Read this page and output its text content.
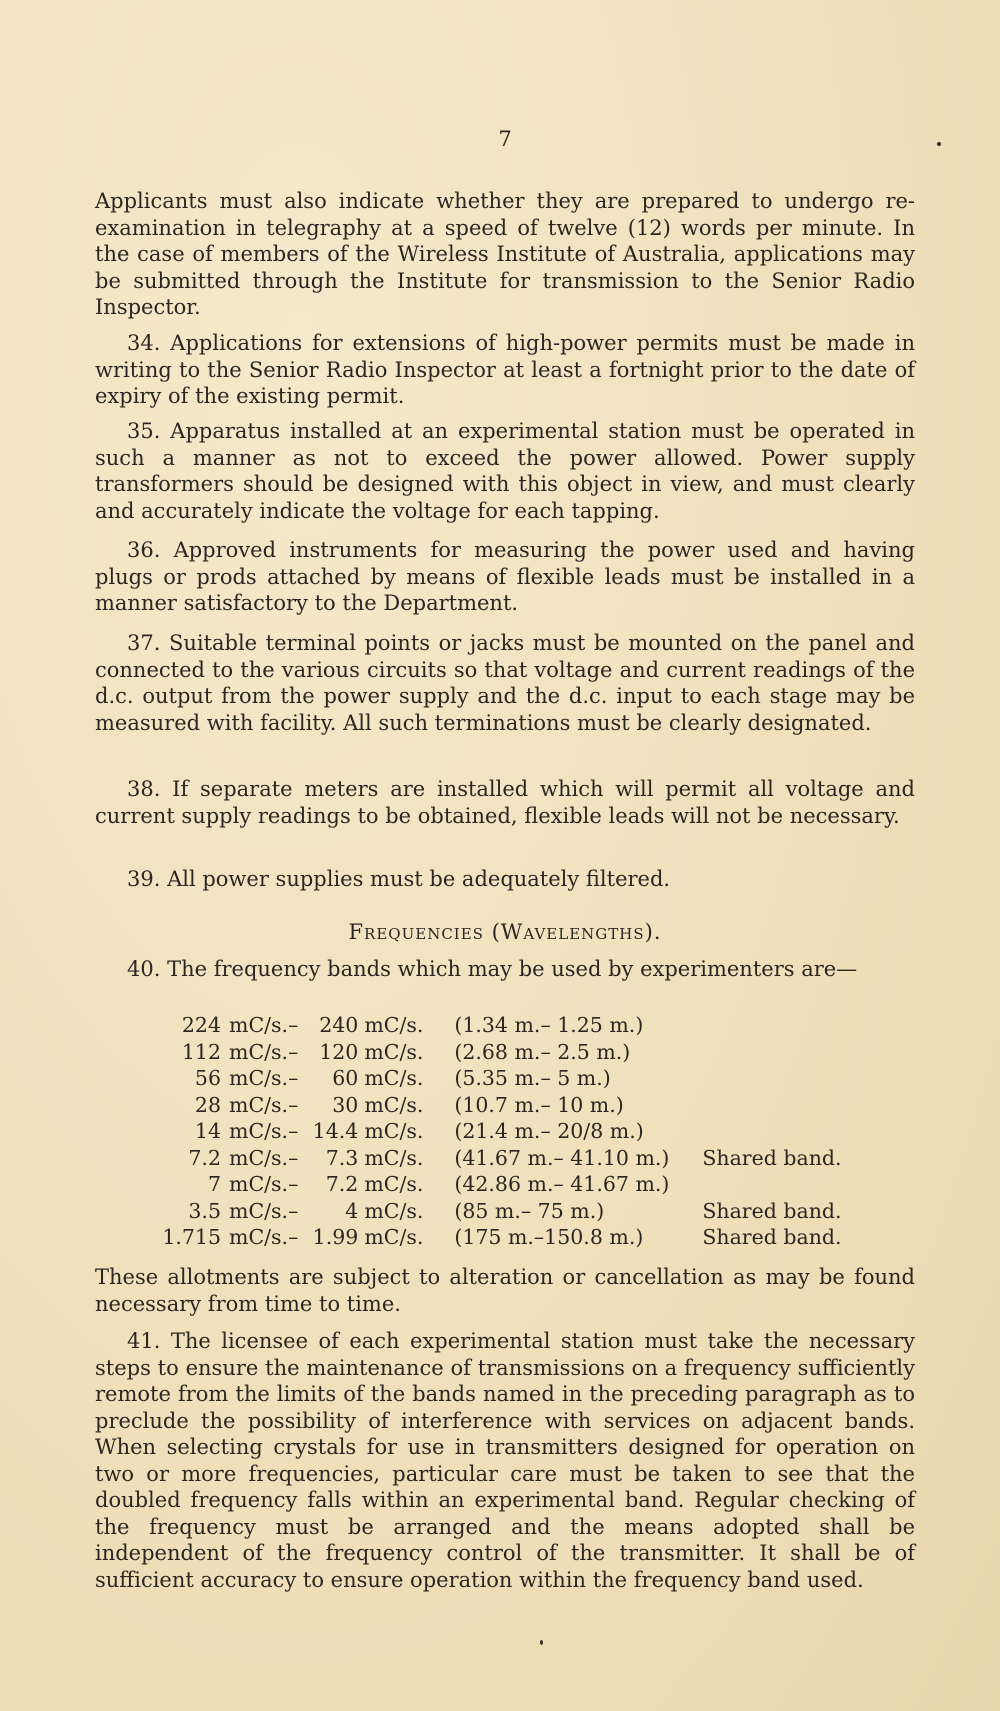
7

Applicants must also indicate whether they are prepared to undergo re-examination in telegraphy at a speed of twelve (12) words per minute. In the case of members of the Wireless Institute of Australia, applications may be submitted through the Institute for transmission to the Senior Radio Inspector.

34. Applications for extensions of high-power permits must be made in writing to the Senior Radio Inspector at least a fortnight prior to the date of expiry of the existing permit.

35. Apparatus installed at an experimental station must be operated in such a manner as not to exceed the power allowed. Power supply transformers should be designed with this object in view, and must clearly and accurately indicate the voltage for each tapping.

36. Approved instruments for measuring the power used and having plugs or prods attached by means of flexible leads must be installed in a manner satisfactory to the Department.

37. Suitable terminal points or jacks must be mounted on the panel and connected to the various circuits so that voltage and current readings of the d.c. output from the power supply and the d.c. input to each stage may be measured with facility. All such terminations must be clearly designated.

38. If separate meters are installed which will permit all voltage and current supply readings to be obtained, flexible leads will not be necessary.

39. All power supplies must be adequately filtered.

Frequencies (Wavelengths).

40. The frequency bands which may be used by experimenters are—

224	mC/s.–	240	mC/s.	(1.34 m.– 1.25 m.)	
112	mC/s.–	120	mC/s.	(2.68 m.– 2.5 m.)	
56	mC/s.–	60	mC/s.	(5.35 m.– 5 m.)	
28	mC/s.–	30	mC/s.	(10.7 m.– 10 m.)	
14	mC/s.–	14.4	mC/s.	(21.4 m.– 20/8 m.)	
7.2	mC/s.–	7.3	mC/s.	(41.67 m.– 41.10 m.)	Shared band.
7	mC/s.–	7.2	mC/s.	(42.86 m.– 41.67 m.)	
3.5	mC/s.–	4	mC/s.	(85 m.– 75 m.)	Shared band.
1.715	mC/s.–	1.99	mC/s.	(175 m.–150.8 m.)	Shared band.

These allotments are subject to alteration or cancellation as may be found necessary from time to time.

41. The licensee of each experimental station must take the necessary steps to ensure the maintenance of transmissions on a frequency sufficiently remote from the limits of the bands named in the preceding paragraph as to preclude the possibility of interference with services on adjacent bands. When selecting crystals for use in transmitters designed for operation on two or more frequencies, particular care must be taken to see that the doubled frequency falls within an experimental band. Regular checking of the frequency must be arranged and the means adopted shall be independent of the frequency control of the transmitter. It shall be of sufficient accuracy to ensure operation within the frequency band used.
